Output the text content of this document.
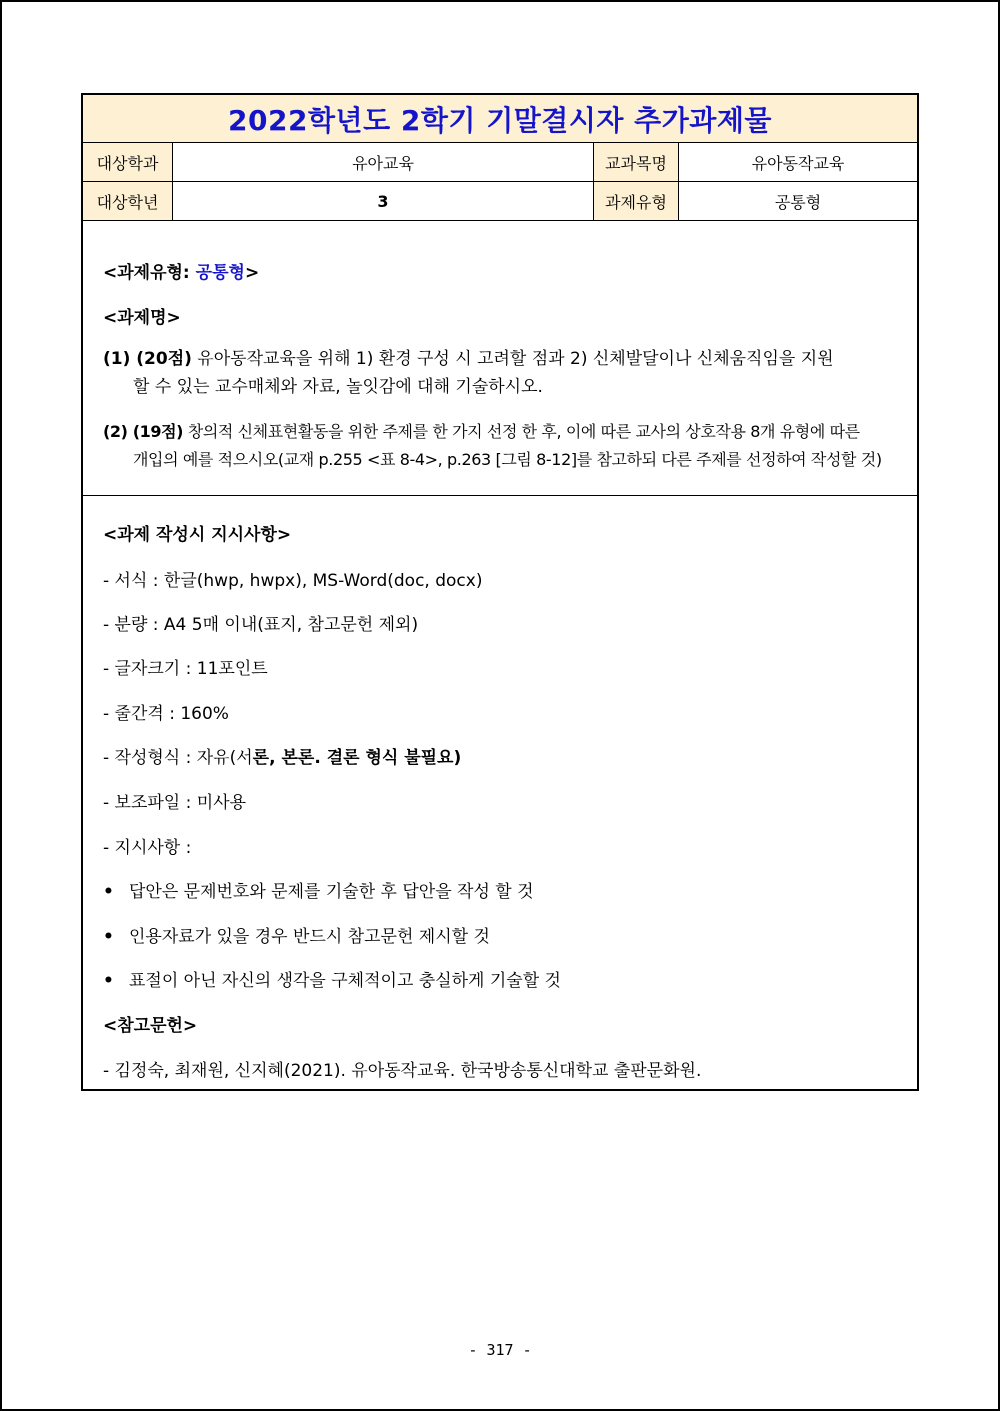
2022학년도 2학기 기말결시자 추가과제물
대상학과	유아교육	교과목명	유아동작교육
대상학년	3	과제유형	공통형
<과제유형: 공통형>
<과제명>
(1) (20점) 유아동작교육을 위해 1) 환경 구성 시 고려할 점과 2) 신체발달이나 신체움직임을 지원
할 수 있는 교수매체와 자료, 놀잇감에 대해 기술하시오.
(2) (19점) 창의적 신체표현활동을 위한 주제를 한 가지 선정 한 후, 이에 따른 교사의 상호작용 8개 유형에 따른
개입의 예를 적으시오(교재 p.255 <표 8-4>, p.263 [그림 8-12]를 참고하되 다른 주제를 선정하여 작성할 것)
<과제 작성시 지시사항>
- 서식 : 한글(hwp, hwpx), MS-Word(doc, docx)
- 분량 : A4 5매 이내(표지, 참고문헌 제외)
- 글자크기 : 11포인트
- 줄간격 : 160%
- 작성형식 : 자유(서론, 본론. 결론 형식 불필요)
- 보조파일 : 미사용
- 지시사항 :
• 답안은 문제번호와 문제를 기술한 후 답안을 작성 할 것
• 인용자료가 있을 경우 반드시 참고문헌 제시할 것
• 표절이 아닌 자신의 생각을 구체적이고 충실하게 기술할 것
<참고문헌>
- 김정숙, 최재원, 신지혜(2021). 유아동작교육. 한국방송통신대학교 출판문화원.
- 317 -
